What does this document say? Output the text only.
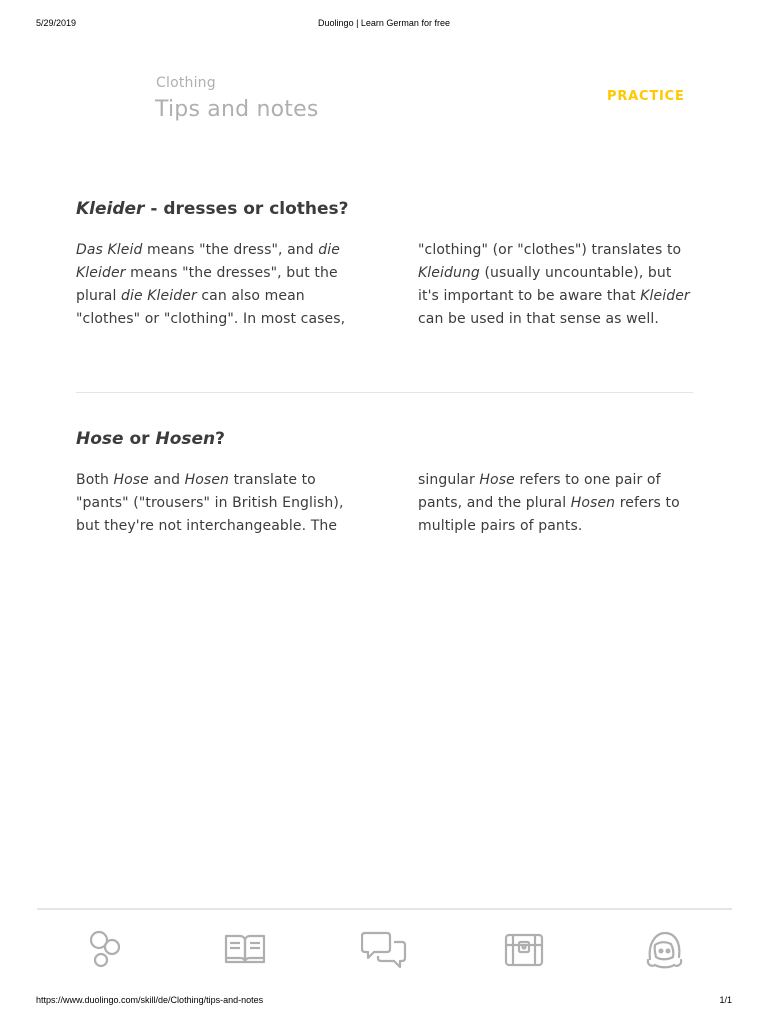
5/29/2019	Duolingo | Learn German for free
Clothing
Tips and notes
PRACTICE
Kleider - dresses or clothes?

Das Kleid means "the dress", and die Kleider means "the dresses", but the plural die Kleider can also mean "clothes" or "clothing". In most cases, "clothing" (or "clothes") translates to Kleidung (usually uncountable), but it's important to be aware that Kleider can be used in that sense as well.

Hose or Hosen?

Both Hose and Hosen translate to "pants" ("trousers" in British English), but they're not interchangeable. The singular Hose refers to one pair of pants, and the plural Hosen refers to multiple pairs of pants.

https://www.duolingo.com/skill/de/Clothing/tips-and-notes	1/1
